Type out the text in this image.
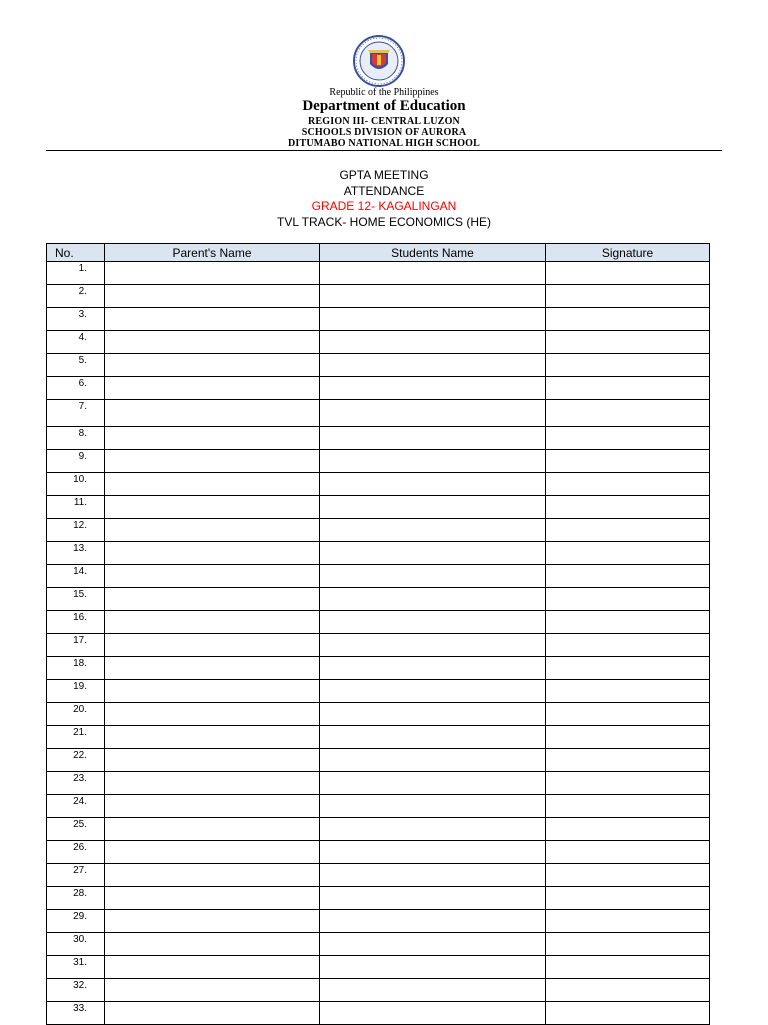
Republic of the Philippines
Department of Education
REGION III- CENTRAL LUZON
SCHOOLS DIVISION OF AURORA
DITUMABO NATIONAL HIGH SCHOOL
GPTA MEETING
ATTENDANCE
GRADE 12- KAGALINGAN
TVL TRACK- HOME ECONOMICS (HE)
No.	Parent's Name	Students Name	Signature
1.			
2.			
3.			
4.			
5.			
6.			
7.			
8.			
9.			
10.			
11.			
12.			
13.			
14.			
15.			
16.			
17.			
18.			
19.			
20.			
21.			
22.			
23.			
24.			
25.			
26.			
27.			
28.			
29.			
30.			
31.			
32.			
33.			
